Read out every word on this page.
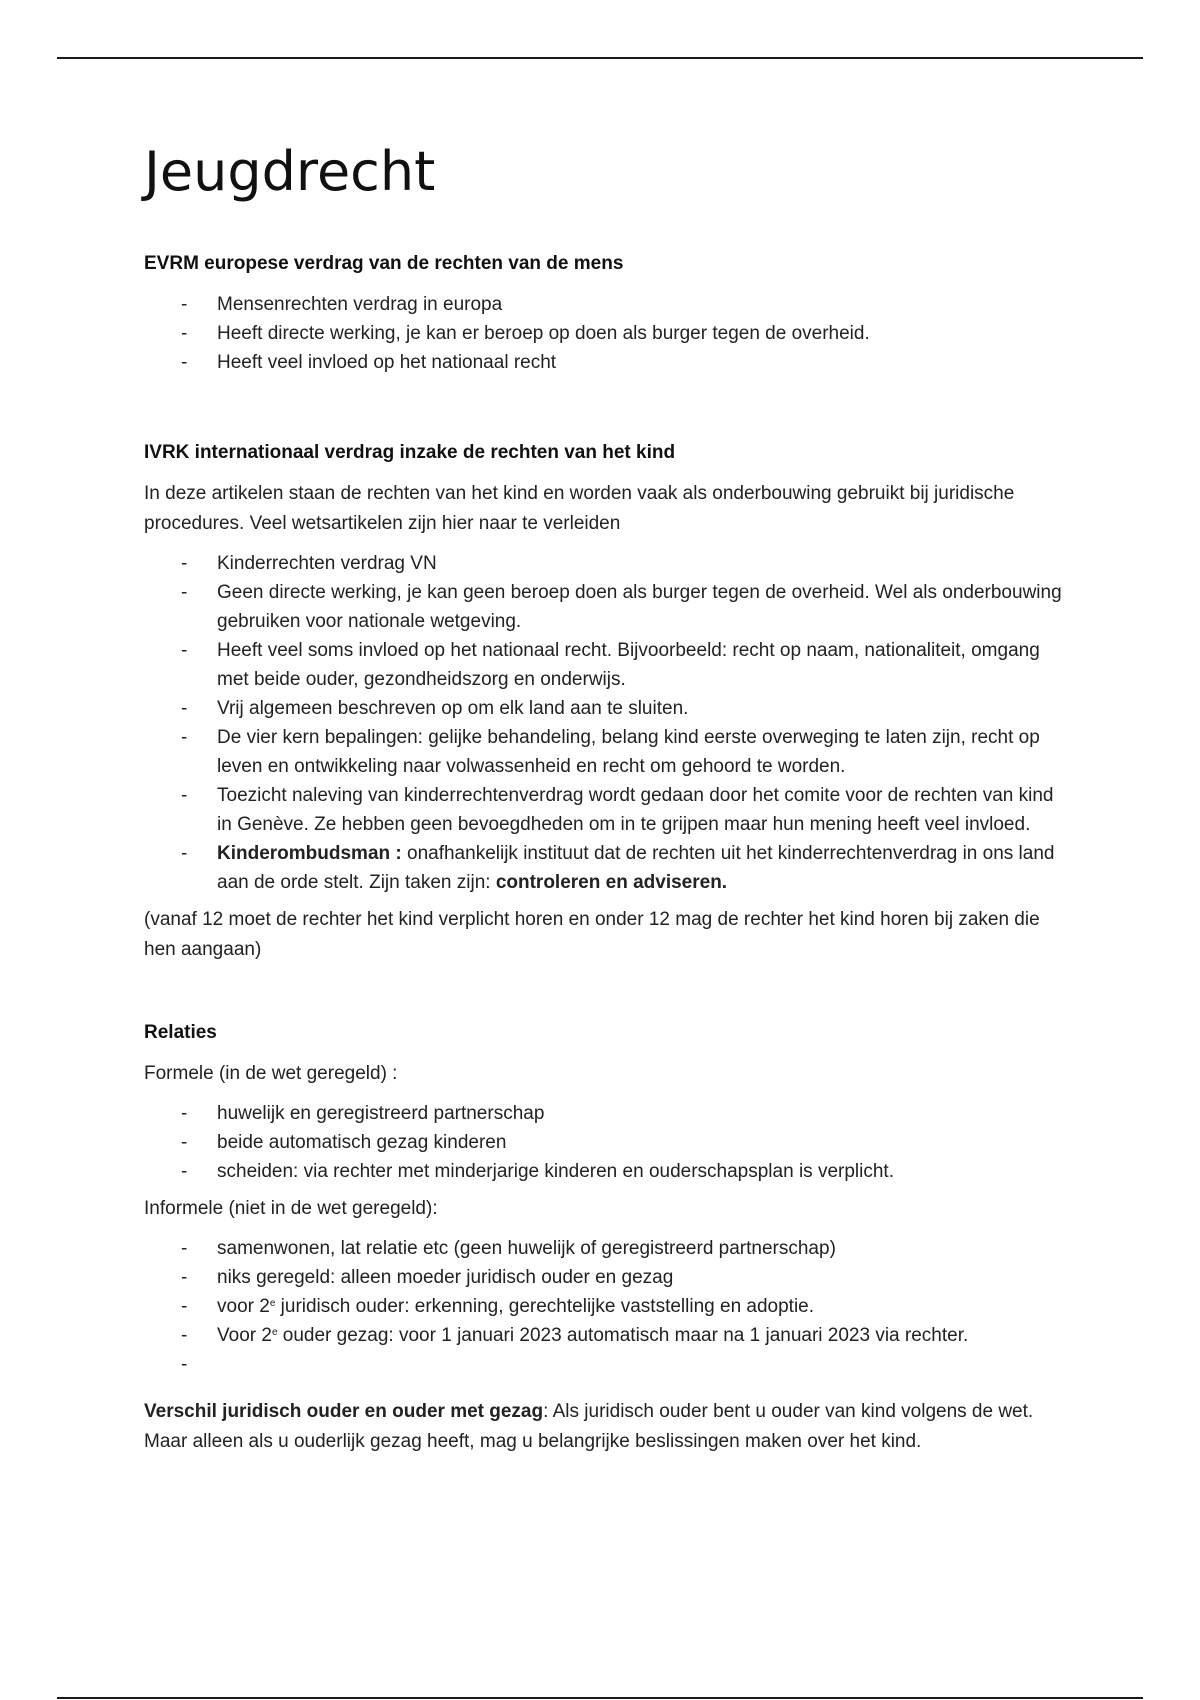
Jeugdrecht
EVRM europese verdrag van de rechten van de mens
- Mensenrechten verdrag in europa
- Heeft directe werking, je kan er beroep op doen als burger tegen de overheid.
- Heeft veel invloed op het nationaal recht
IVRK internationaal verdrag inzake de rechten van het kind

In deze artikelen staan de rechten van het kind en worden vaak als onderbouwing gebruikt bij juridische procedures. Veel wetsartikelen zijn hier naar te verleiden

- Kinderrechten verdrag VN
- Geen directe werking, je kan geen beroep doen als burger tegen de overheid. Wel als onderbouwing gebruiken voor nationale wetgeving.
- Heeft veel soms invloed op het nationaal recht. Bijvoorbeeld: recht op naam, nationaliteit, omgang met beide ouder, gezondheidszorg en onderwijs.
- Vrij algemeen beschreven op om elk land aan te sluiten.
- De vier kern bepalingen: gelijke behandeling, belang kind eerste overweging te laten zijn, recht op leven en ontwikkeling naar volwassenheid en recht om gehoord te worden.
- Toezicht naleving van kinderrechtenverdrag wordt gedaan door het comite voor de rechten van kind in Genève. Ze hebben geen bevoegdheden om in te grijpen maar hun mening heeft veel invloed.
- Kinderombudsman : onafhankelijk instituut dat de rechten uit het kinderrechtenverdrag in ons land aan de orde stelt. Zijn taken zijn: controleren en adviseren.

(vanaf 12 moet de rechter het kind verplicht horen en onder 12 mag de rechter het kind horen bij zaken die hen aangaan)

Relaties

Formele (in de wet geregeld) :

- huwelijk en geregistreerd partnerschap
- beide automatisch gezag kinderen
- scheiden: via rechter met minderjarige kinderen en ouderschapsplan is verplicht.

Informele (niet in de wet geregeld):

- samenwonen, lat relatie etc (geen huwelijk of geregistreerd partnerschap)
- niks geregeld: alleen moeder juridisch ouder en gezag
- voor 2e juridisch ouder: erkenning, gerechtelijke vaststelling en adoptie.
- Voor 2e ouder gezag: voor 1 januari 2023 automatisch maar na 1 januari 2023 via rechter.
-

Verschil juridisch ouder en ouder met gezag: Als juridisch ouder bent u ouder van kind volgens de wet. Maar alleen als u ouderlijk gezag heeft, mag u belangrijke beslissingen maken over het kind.
